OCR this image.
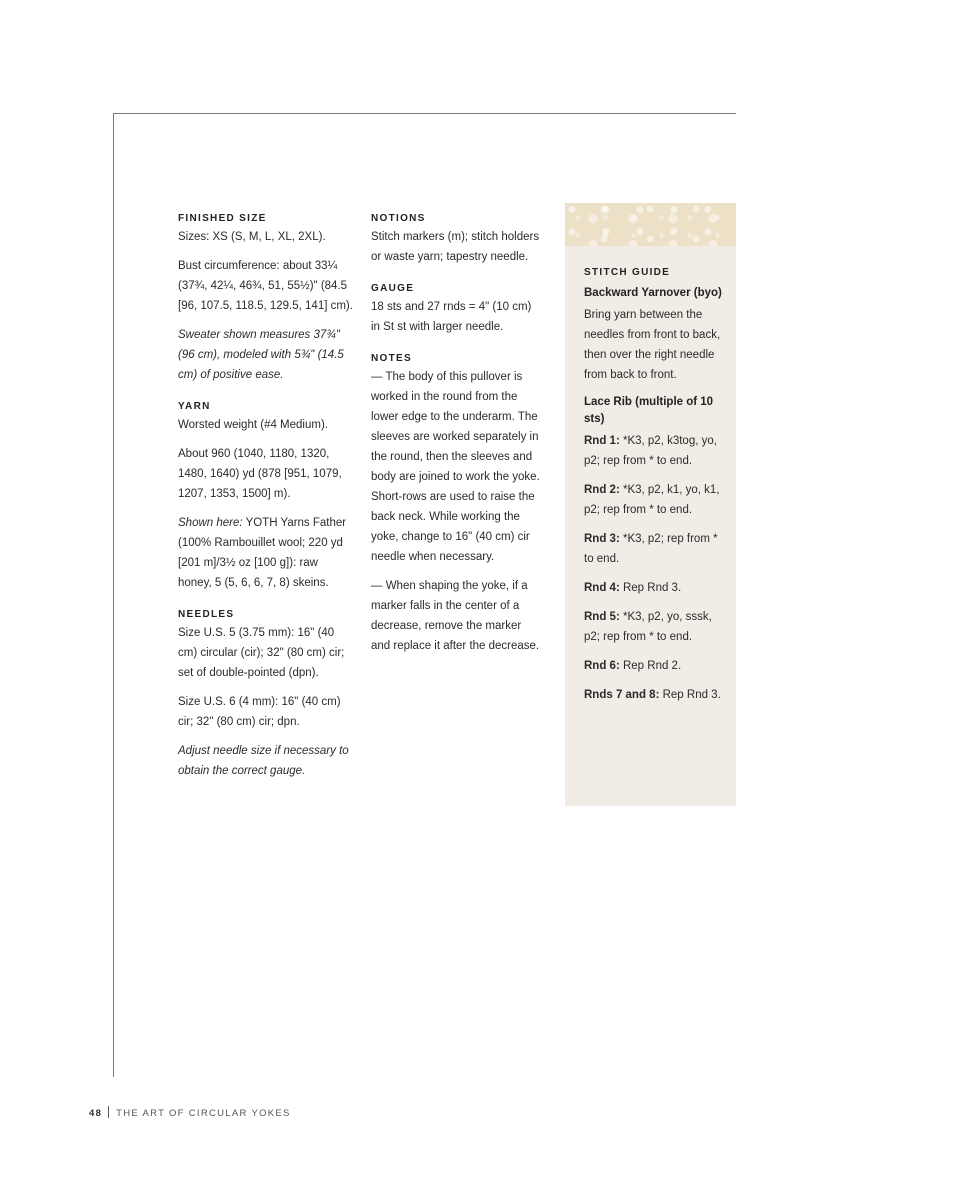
FINISHED SIZE

Sizes: XS (S, M, L, XL, 2XL).

Bust circumference: about 33¼ (37¾, 42¼, 46¾, 51, 55½)" (84.5 [96, 107.5, 118.5, 129.5, 141] cm).

Sweater shown measures 37¾" (96 cm), modeled with 5¾" (14.5 cm) of positive ease.

YARN

Worsted weight (#4 Medium).

About 960 (1040, 1180, 1320, 1480, 1640) yd (878 [951, 1079, 1207, 1353, 1500] m).

Shown here: YOTH Yarns Father (100% Rambouillet wool; 220 yd [201 m]/3½ oz [100 g]): raw honey, 5 (5, 6, 6, 7, 8) skeins.

NEEDLES

Size U.S. 5 (3.75 mm): 16" (40 cm) circular (cir); 32" (80 cm) cir; set of double-pointed (dpn).

Size U.S. 6 (4 mm): 16" (40 cm) cir; 32" (80 cm) cir; dpn.

Adjust needle size if necessary to obtain the correct gauge.

NOTIONS

Stitch markers (m); stitch holders or waste yarn; tapestry needle.

GAUGE

18 sts and 27 rnds = 4" (10 cm) in St st with larger needle.

NOTES

— The body of this pullover is worked in the round from the lower edge to the underarm. The sleeves are worked separately in the round, then the sleeves and body are joined to work the yoke. Short-rows are used to raise the back neck. While working the yoke, change to 16" (40 cm) cir needle when necessary.

— When shaping the yoke, if a marker falls in the center of a decrease, remove the marker and replace it after the decrease.

STITCH GUIDE
Backward Yarnover (byo)

Bring yarn between the needles from front to back, then over the right needle from back to front.

Lace Rib (multiple of 10 sts)

Rnd 1: *K3, p2, k3tog, yo, p2; rep from * to end.

Rnd 2: *K3, p2, k1, yo, k1, p2; rep from * to end.

Rnd 3: *K3, p2; rep from * to end.

Rnd 4: Rep Rnd 3.

Rnd 5: *K3, p2, yo, sssk, p2; rep from * to end.

Rnd 6: Rep Rnd 2.

Rnds 7 and 8: Rep Rnd 3.

48 THE ART OF CIRCULAR YOKES
